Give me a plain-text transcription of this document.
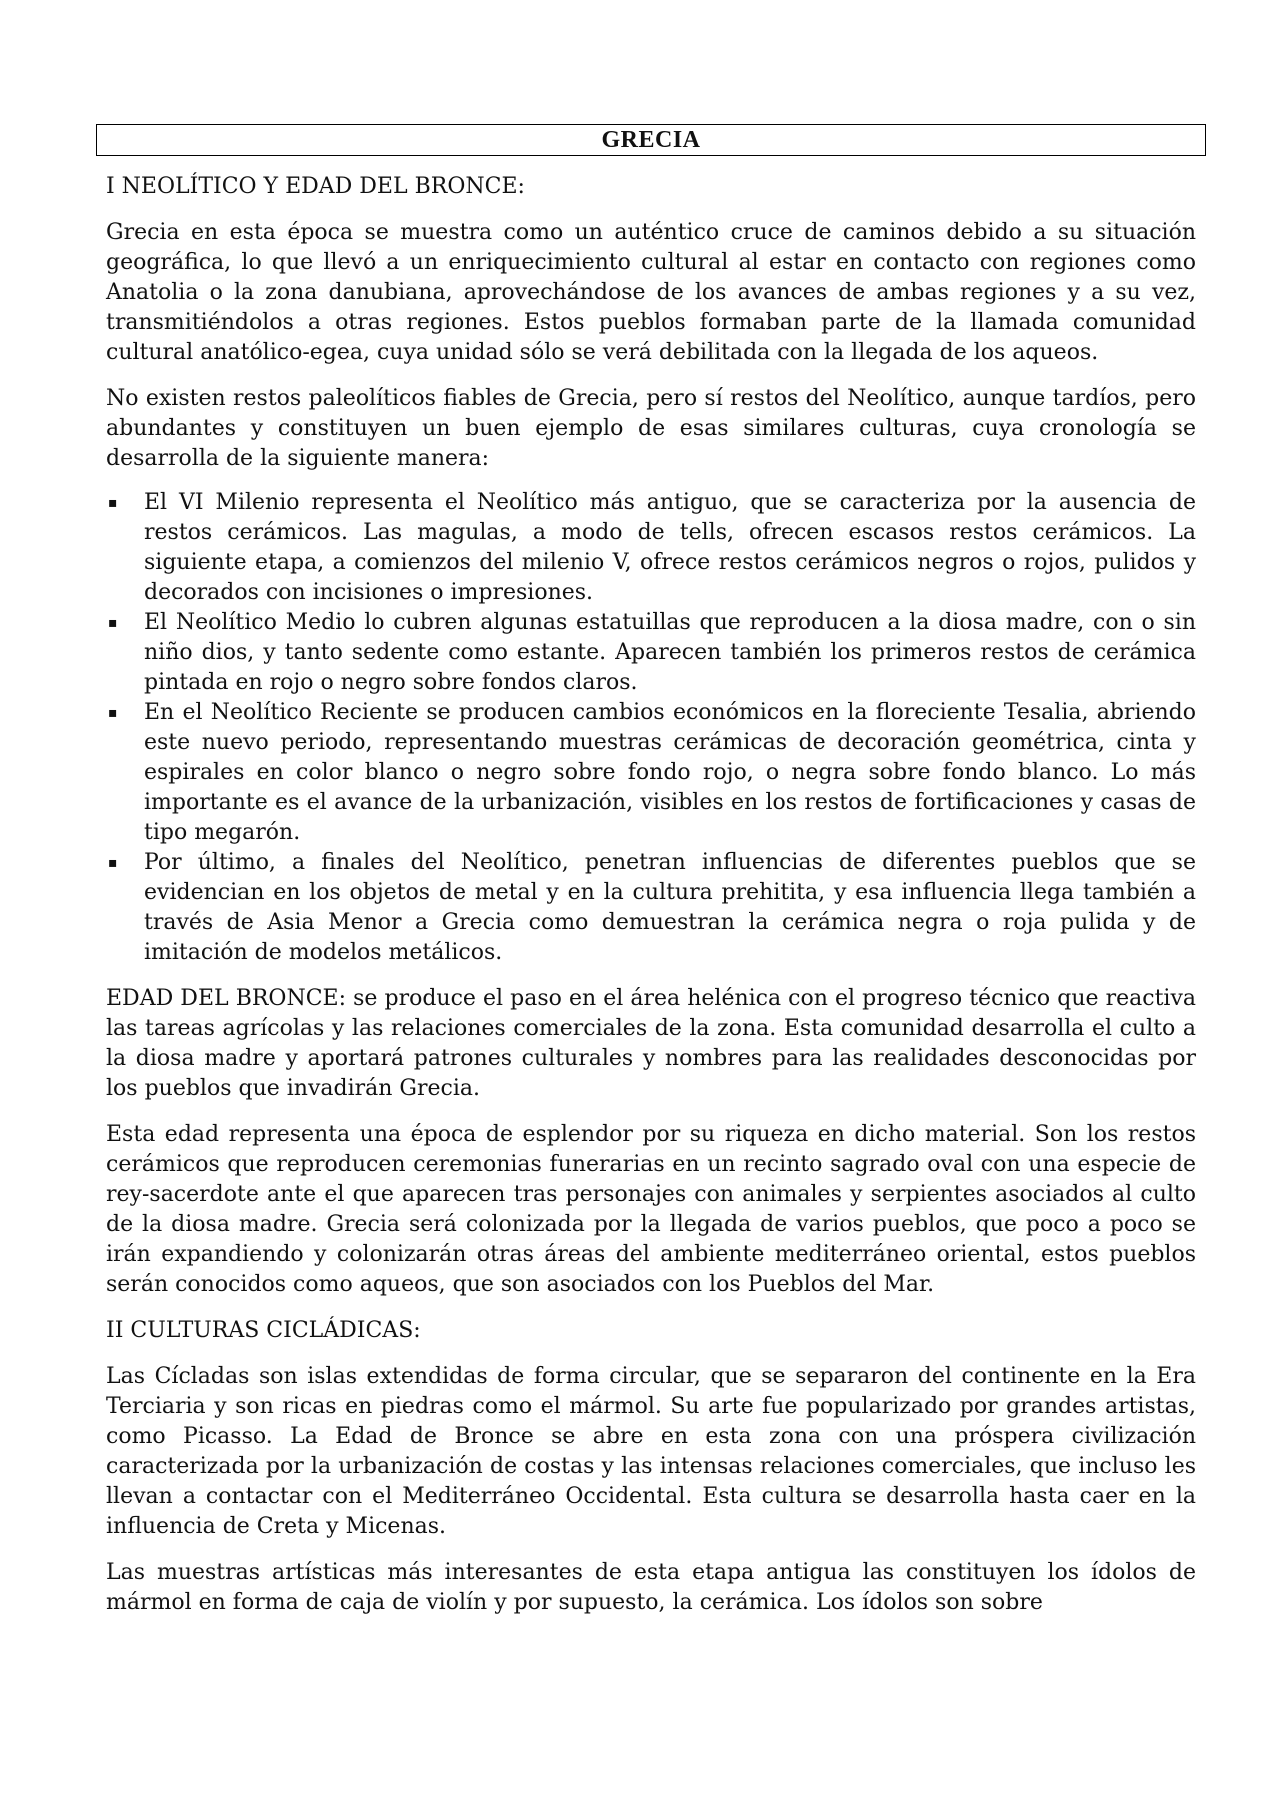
GRECIA
I NEOLÍTICO Y EDAD DEL BRONCE:

Grecia en esta época se muestra como un auténtico cruce de caminos debido a su situación geográfica, lo que llevó a un enriquecimiento cultural al estar en contacto con regiones como Anatolia o la zona danubiana, aprovechándose de los avances de ambas regiones y a su vez, transmitiéndolos a otras regiones. Estos pueblos formaban parte de la llamada comunidad cultural anatólico-egea, cuya unidad sólo se verá debilitada con la llegada de los aqueos.

No existen restos paleolíticos fiables de Grecia, pero sí restos del Neolítico, aunque tardíos, pero abundantes y constituyen un buen ejemplo de esas similares culturas, cuya cronología se desarrolla de la siguiente manera:

▪ El VI Milenio representa el Neolítico más antiguo, que se caracteriza por la ausencia de restos cerámicos. Las magulas, a modo de tells, ofrecen escasos restos cerámicos. La siguiente etapa, a comienzos del milenio V, ofrece restos cerámicos negros o rojos, pulidos y decorados con incisiones o impresiones.
▪ El Neolítico Medio lo cubren algunas estatuillas que reproducen a la diosa madre, con o sin niño dios, y tanto sedente como estante. Aparecen también los primeros restos de cerámica pintada en rojo o negro sobre fondos claros.
▪ En el Neolítico Reciente se producen cambios económicos en la floreciente Tesalia, abriendo este nuevo periodo, representando muestras cerámicas de decoración geométrica, cinta y espirales en color blanco o negro sobre fondo rojo, o negra sobre fondo blanco. Lo más importante es el avance de la urbanización, visibles en los restos de fortificaciones y casas de tipo megarón.
▪ Por último, a finales del Neolítico, penetran influencias de diferentes pueblos que se evidencian en los objetos de metal y en la cultura prehitita, y esa influencia llega también a través de Asia Menor a Grecia como demuestran la cerámica negra o roja pulida y de imitación de modelos metálicos.

EDAD DEL BRONCE: se produce el paso en el área helénica con el progreso técnico que reactiva las tareas agrícolas y las relaciones comerciales de la zona. Esta comunidad desarrolla el culto a la diosa madre y aportará patrones culturales y nombres para las realidades desconocidas por los pueblos que invadirán Grecia.

Esta edad representa una época de esplendor por su riqueza en dicho material. Son los restos cerámicos que reproducen ceremonias funerarias en un recinto sagrado oval con una especie de rey-sacerdote ante el que aparecen tras personajes con animales y serpientes asociados al culto de la diosa madre. Grecia será colonizada por la llegada de varios pueblos, que poco a poco se irán expandiendo y colonizarán otras áreas del ambiente mediterráneo oriental, estos pueblos serán conocidos como aqueos, que son asociados con los Pueblos del Mar.

II CULTURAS CICLÁDICAS:

Las Cícladas son islas extendidas de forma circular, que se separaron del continente en la Era Terciaria y son ricas en piedras como el mármol. Su arte fue popularizado por grandes artistas, como Picasso. La Edad de Bronce se abre en esta zona con una próspera civilización caracterizada por la urbanización de costas y las intensas relaciones comerciales, que incluso les llevan a contactar con el Mediterráneo Occidental. Esta cultura se desarrolla hasta caer en la influencia de Creta y Micenas.

Las muestras artísticas más interesantes de esta etapa antigua las constituyen los ídolos de mármol en forma de caja de violín y por supuesto, la cerámica. Los ídolos son sobre
